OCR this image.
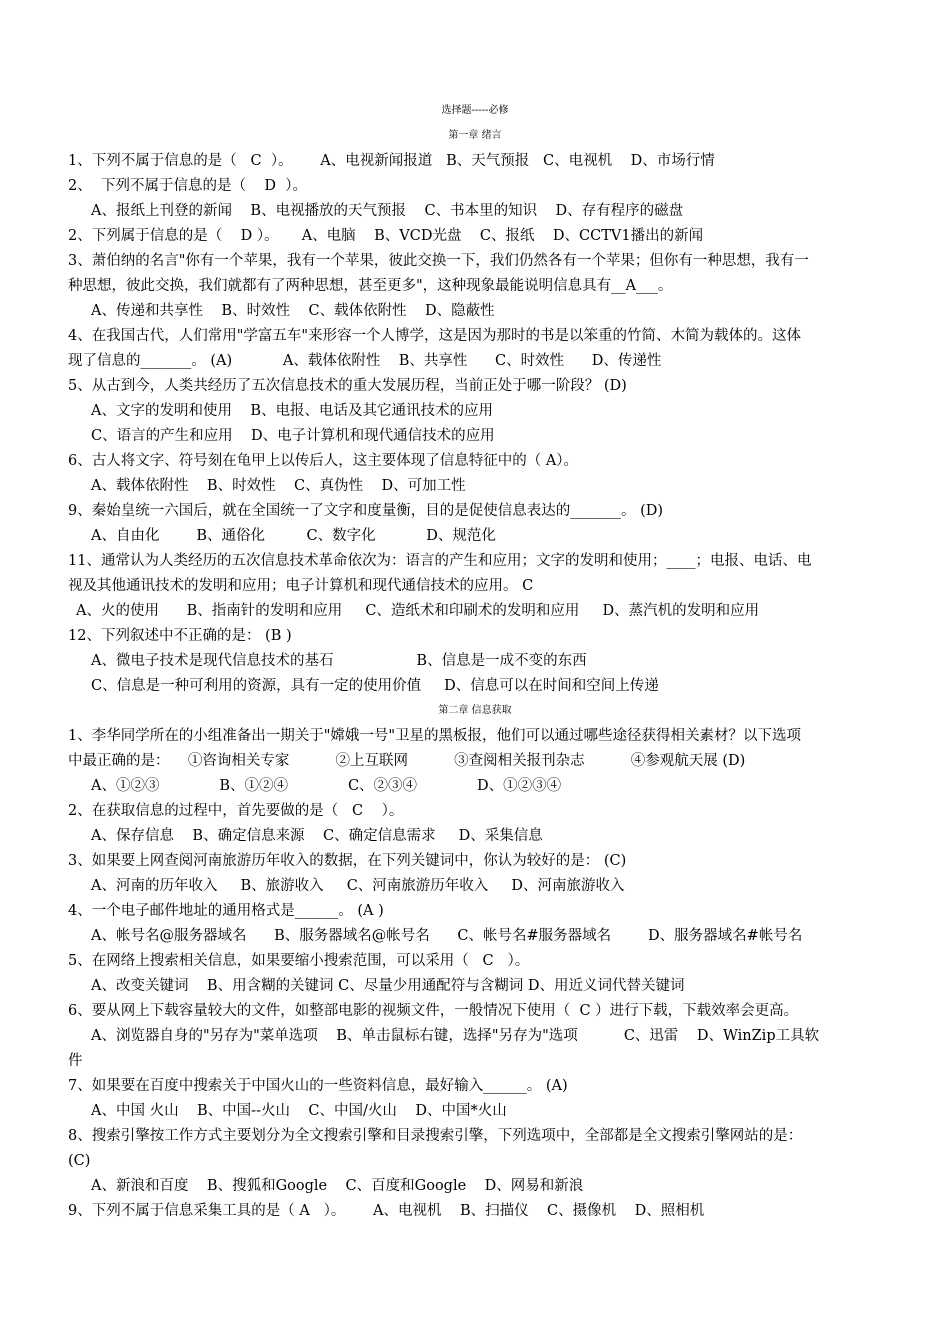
选择题-----必修
第一章 绪言
1、下列不属于信息的是（   C  ）。      A、电视新闻报道   B、天气预报   C、电视机    D、市场行情
2、  下列不属于信息的是（    D  ）。
A、报纸上刊登的新闻    B、电视播放的天气预报    C、书本里的知识    D、存有程序的磁盘
2、下列属于信息的是（    D ）。     A、电脑    B、VCD光盘    C、报纸    D、CCTV1播出的新闻
3、萧伯纳的名言"你有一个苹果，我有一个苹果，彼此交换一下，我们仍然各有一个苹果；但你有一种思想，我有一
种思想，彼此交换，我们就都有了两种思想，甚至更多"，这种现象最能说明信息具有__A___。
A、传递和共享性    B、时效性    C、载体依附性    D、隐蔽性
4、在我国古代，人们常用"学富五车"来形容一个人博学，这是因为那时的书是以笨重的竹简、木简为载体的。这体
现了信息的_______。 (A)           A、载体依附性    B、共享性      C、时效性      D、传递性
5、从古到今，人类共经历了五次信息技术的重大发展历程，当前正处于哪一阶段？ (D)
A、文字的发明和使用    B、电报、电话及其它通讯技术的应用
C、语言的产生和应用    D、电子计算机和现代通信技术的应用
6、古人将文字、符号刻在龟甲上以传后人，这主要体现了信息特征中的（ A）。
A、载体依附性    B、时效性    C、真伪性    D、可加工性
9、秦始皇统一六国后，就在全国统一了文字和度量衡，目的是促使信息表达的_______。 (D)
A、自由化        B、通俗化         C、数字化           D、规范化
11、通常认为人类经历的五次信息技术革命依次为：语言的产生和应用；文字的发明和使用；____；电报、电话、电
视及其他通讯技术的发明和应用；电子计算机和现代通信技术的应用。 C
A、火的使用      B、指南针的发明和应用     C、造纸术和印刷术的发明和应用     D、蒸汽机的发明和应用
12、下列叙述中不正确的是： (B )
A、微电子技术是现代信息技术的基石                  B、信息是一成不变的东西
C、信息是一种可利用的资源，具有一定的使用价值     D、信息可以在时间和空间上传递
第二章 信息获取
1、李华同学所在的小组准备出一期关于"嫦娥一号"卫星的黑板报，他们可以通过哪些途径获得相关素材？以下选项
中最正确的是：    ①咨询相关专家          ②上互联网          ③查阅相关报刊杂志          ④参观航天展 (D)
A、①②③             B、①②④             C、②③④             D、①②③④
2、在获取信息的过程中，首先要做的是（   C    ）。
A、保存信息    B、确定信息来源    C、确定信息需求     D、采集信息
3、如果要上网查阅河南旅游历年收入的数据，在下列关键词中，你认为较好的是： (C)
A、河南的历年收入     B、旅游收入     C、河南旅游历年收入     D、河南旅游收入
4、一个电子邮件地址的通用格式是______。 (A )
A、帐号名@服务器域名      B、服务器域名@帐号名      C、帐号名#服务器域名        D、服务器域名#帐号名
5、在网络上搜索相关信息，如果要缩小搜索范围，可以采用（   C   ）。
A、改变关键词    B、用含糊的关键词 C、尽量少用通配符与含糊词 D、用近义词代替关键词
6、要从网上下载容量较大的文件，如整部电影的视频文件，一般情况下使用（  C ）进行下载，下载效率会更高。
A、浏览器自身的"另存为"菜单选项    B、单击鼠标右键，选择"另存为"选项          C、迅雷    D、WinZip工具软
件
7、如果要在百度中搜索关于中国火山的一些资料信息，最好输入______。 (A)
A、中国 火山    B、中国--火山    C、中国/火山    D、中国*火山
8、搜索引擎按工作方式主要划分为全文搜索引擎和目录搜索引擎，下列选项中，全部都是全文搜索引擎网站的是：
(C)
A、新浪和百度    B、搜狐和Google    C、百度和Google    D、网易和新浪
9、下列不属于信息采集工具的是（ A   ）。      A、电视机    B、扫描仪    C、摄像机    D、照相机
